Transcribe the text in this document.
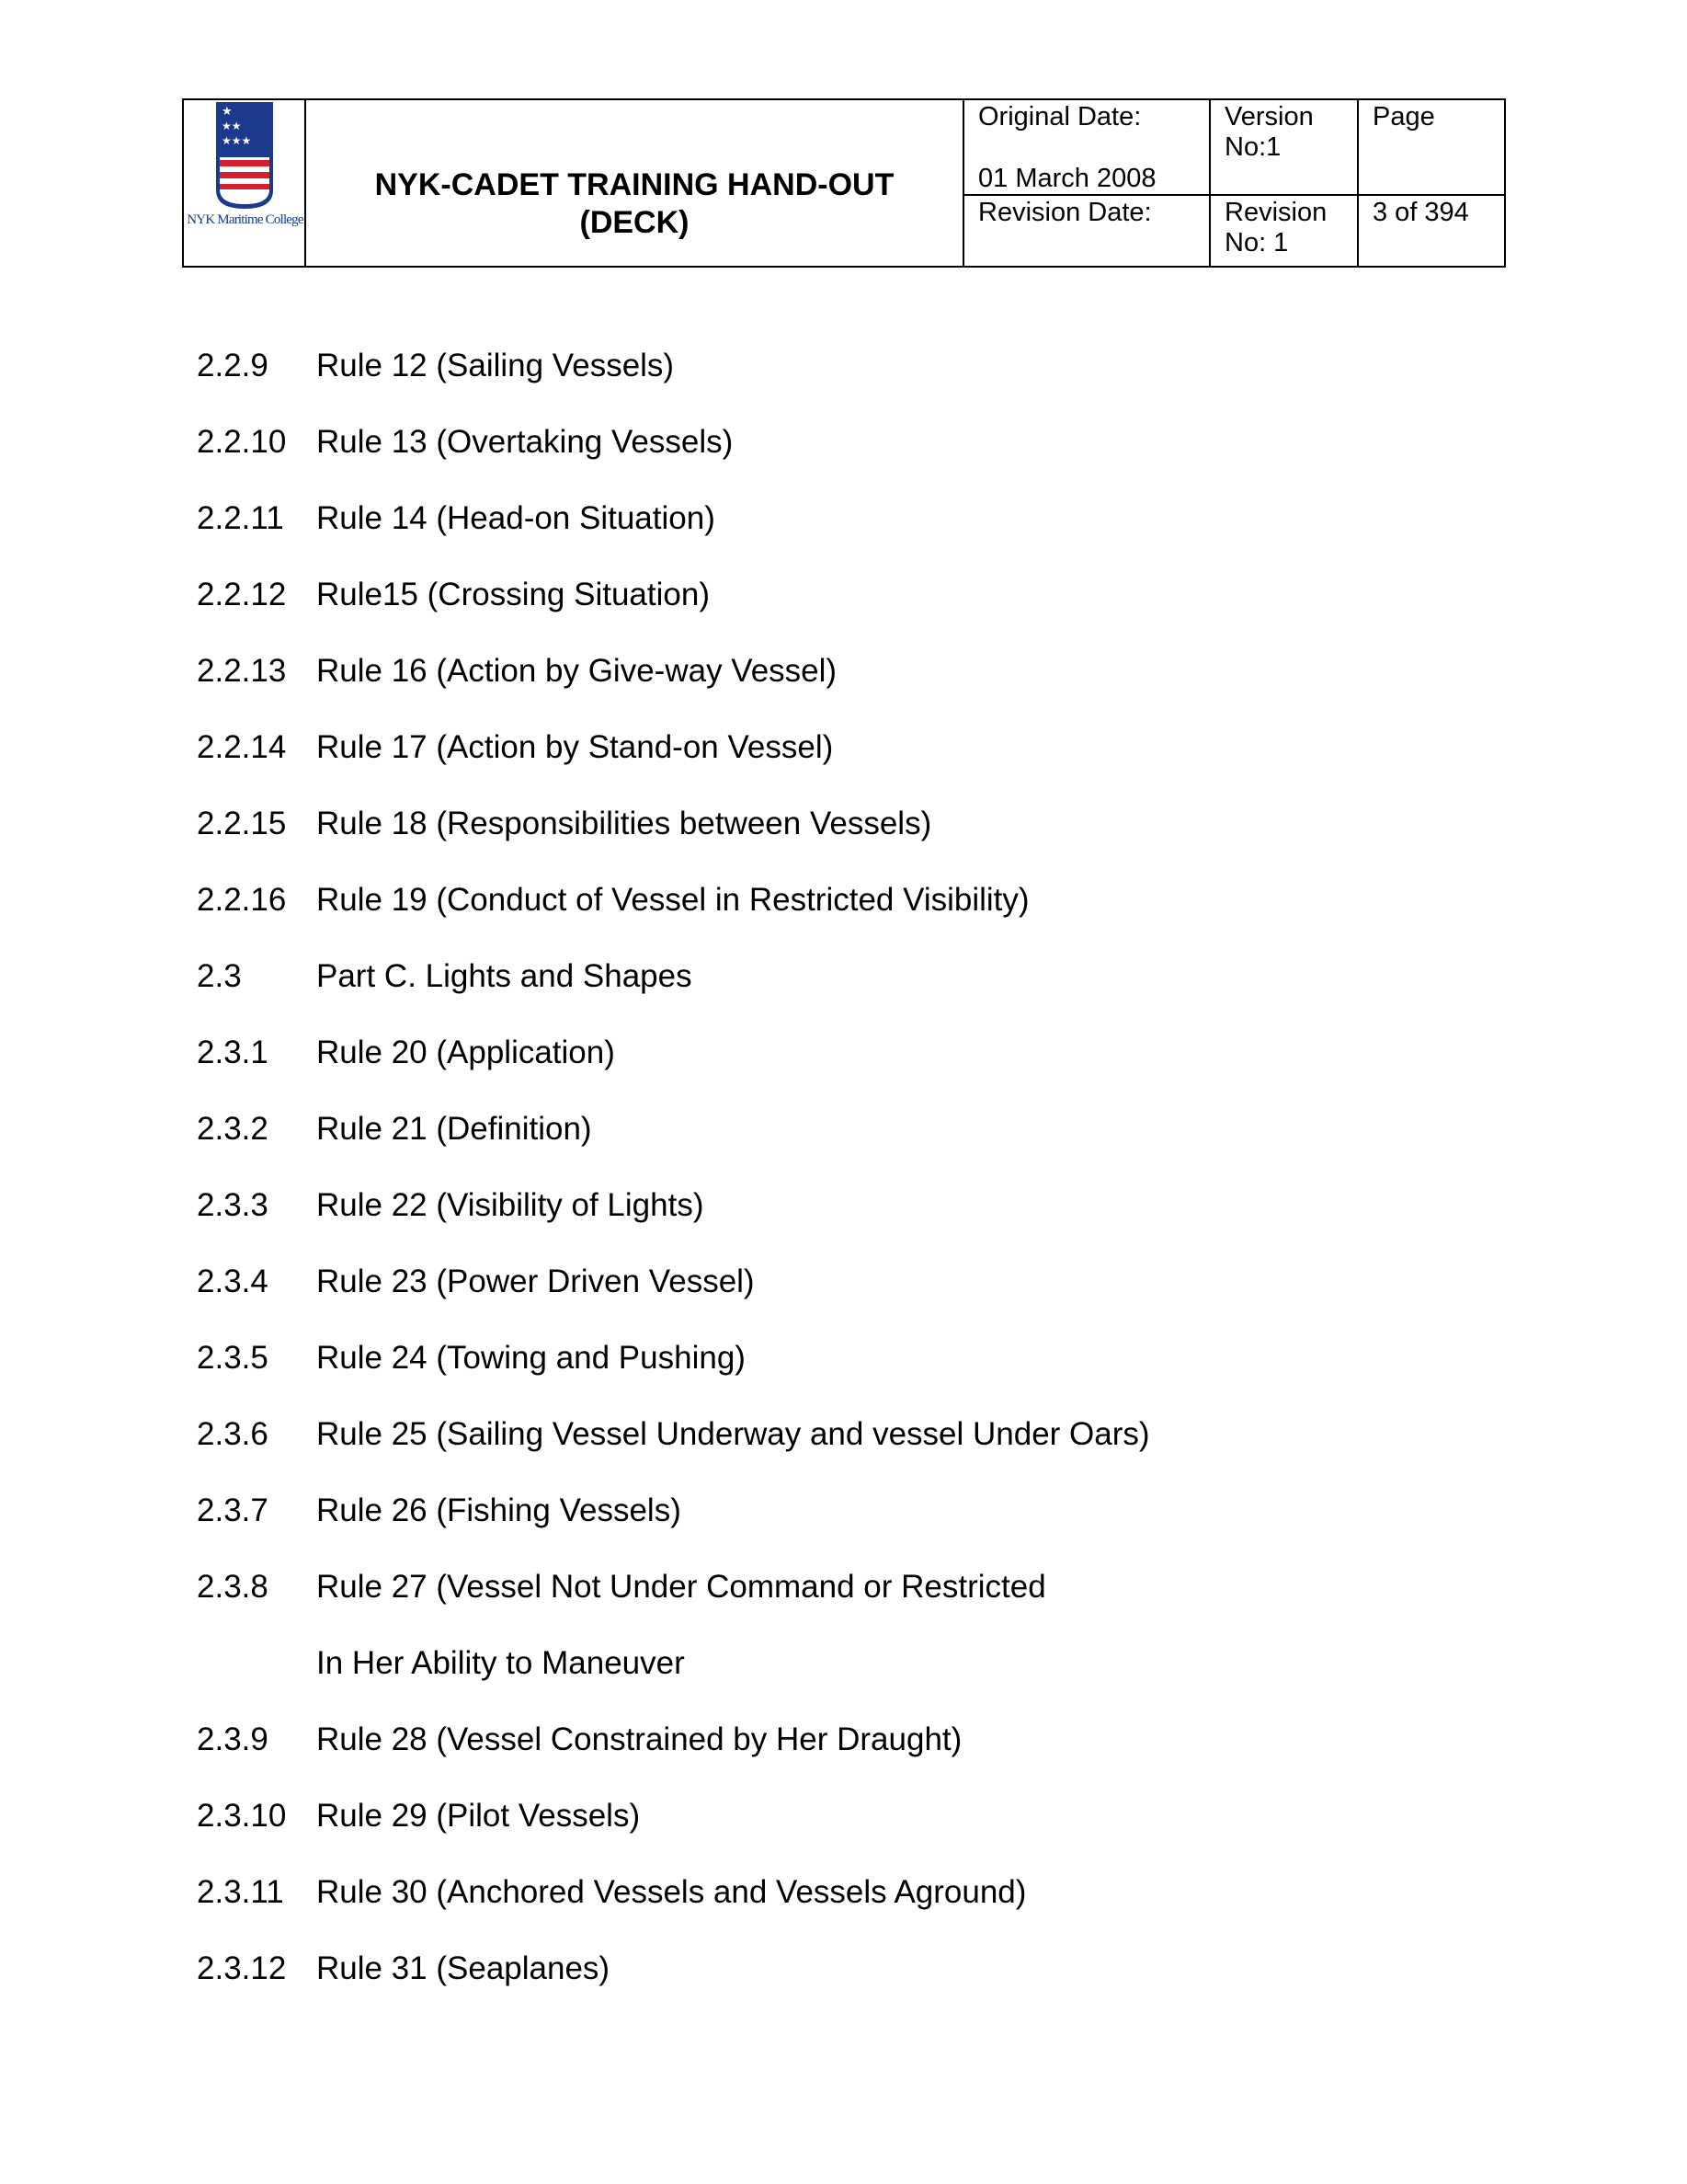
★
★★
★★★
NYK Maritime College
NYK-CADET TRAINING HAND-OUT
(DECK)
Original Date:
01 March 2008
Version
No:1
Page
Revision Date:	Revision
No: 1
3 of 394
2.2.9 Rule 12 (Sailing Vessels)
2.2.10 Rule 13 (Overtaking Vessels)
2.2.11 Rule 14 (Head-on Situation)
2.2.12 Rule15 (Crossing Situation)
2.2.13 Rule 16 (Action by Give-way Vessel)
2.2.14 Rule 17 (Action by Stand-on Vessel)
2.2.15 Rule 18 (Responsibilities between Vessels)
2.2.16 Rule 19 (Conduct of Vessel in Restricted Visibility)
2.3 Part C. Lights and Shapes
2.3.1 Rule 20 (Application)
2.3.2 Rule 21 (Definition)
2.3.3 Rule 22 (Visibility of Lights)
2.3.4 Rule 23 (Power Driven Vessel)
2.3.5 Rule 24 (Towing and Pushing)
2.3.6 Rule 25 (Sailing Vessel Underway and vessel Under Oars)
2.3.7 Rule 26 (Fishing Vessels)
2.3.8 Rule 27 (Vessel Not Under Command or Restricted
In Her Ability to Maneuver
2.3.9 Rule 28 (Vessel Constrained by Her Draught)
2.3.10 Rule 29 (Pilot Vessels)
2.3.11 Rule 30 (Anchored Vessels and Vessels Aground)
2.3.12 Rule 31 (Seaplanes)
